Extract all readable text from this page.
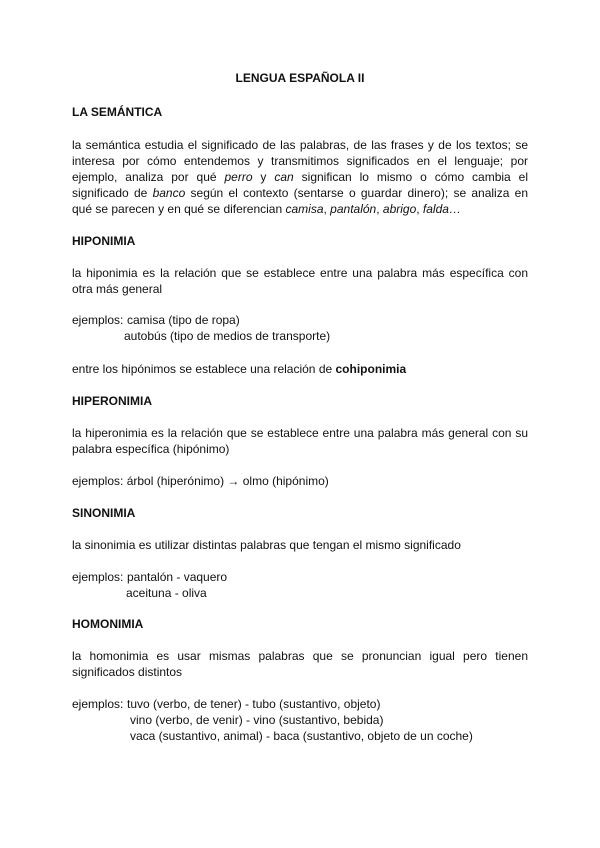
LENGUA ESPAÑOLA II
LA SEMÁNTICA

la semántica estudia el significado de las palabras, de las frases y de los textos; se interesa por cómo entendemos y transmitimos significados en el lenguaje; por ejemplo, analiza por qué perro y can significan lo mismo o cómo cambia el significado de banco según el contexto (sentarse o guardar dinero); se analiza en qué se parecen y en qué se diferencian camisa, pantalón, abrigo, falda…

HIPONIMIA

la hiponimia es la relación que se establece entre una palabra más específica con otra más general

ejemplos: camisa (tipo de ropa)
autobús (tipo de medios de transporte)
entre los hipónimos se establece una relación de cohiponimia
HIPERONIMIA

la hiperonimia es la relación que se establece entre una palabra más general con su palabra específica (hipónimo)

ejemplos: árbol (hiperónimo) → olmo (hipónimo)
SINONIMIA
la sinonimia es utilizar distintas palabras que tengan el mismo significado
ejemplos: pantalón - vaquero
aceituna - oliva
HOMONIMIA

la homonimia es usar mismas palabras que se pronuncian igual pero tienen significados distintos

ejemplos: tuvo (verbo, de tener) - tubo (sustantivo, objeto)
vino (verbo, de venir) - vino (sustantivo, bebida)
vaca (sustantivo, animal) - baca (sustantivo, objeto de un coche)
